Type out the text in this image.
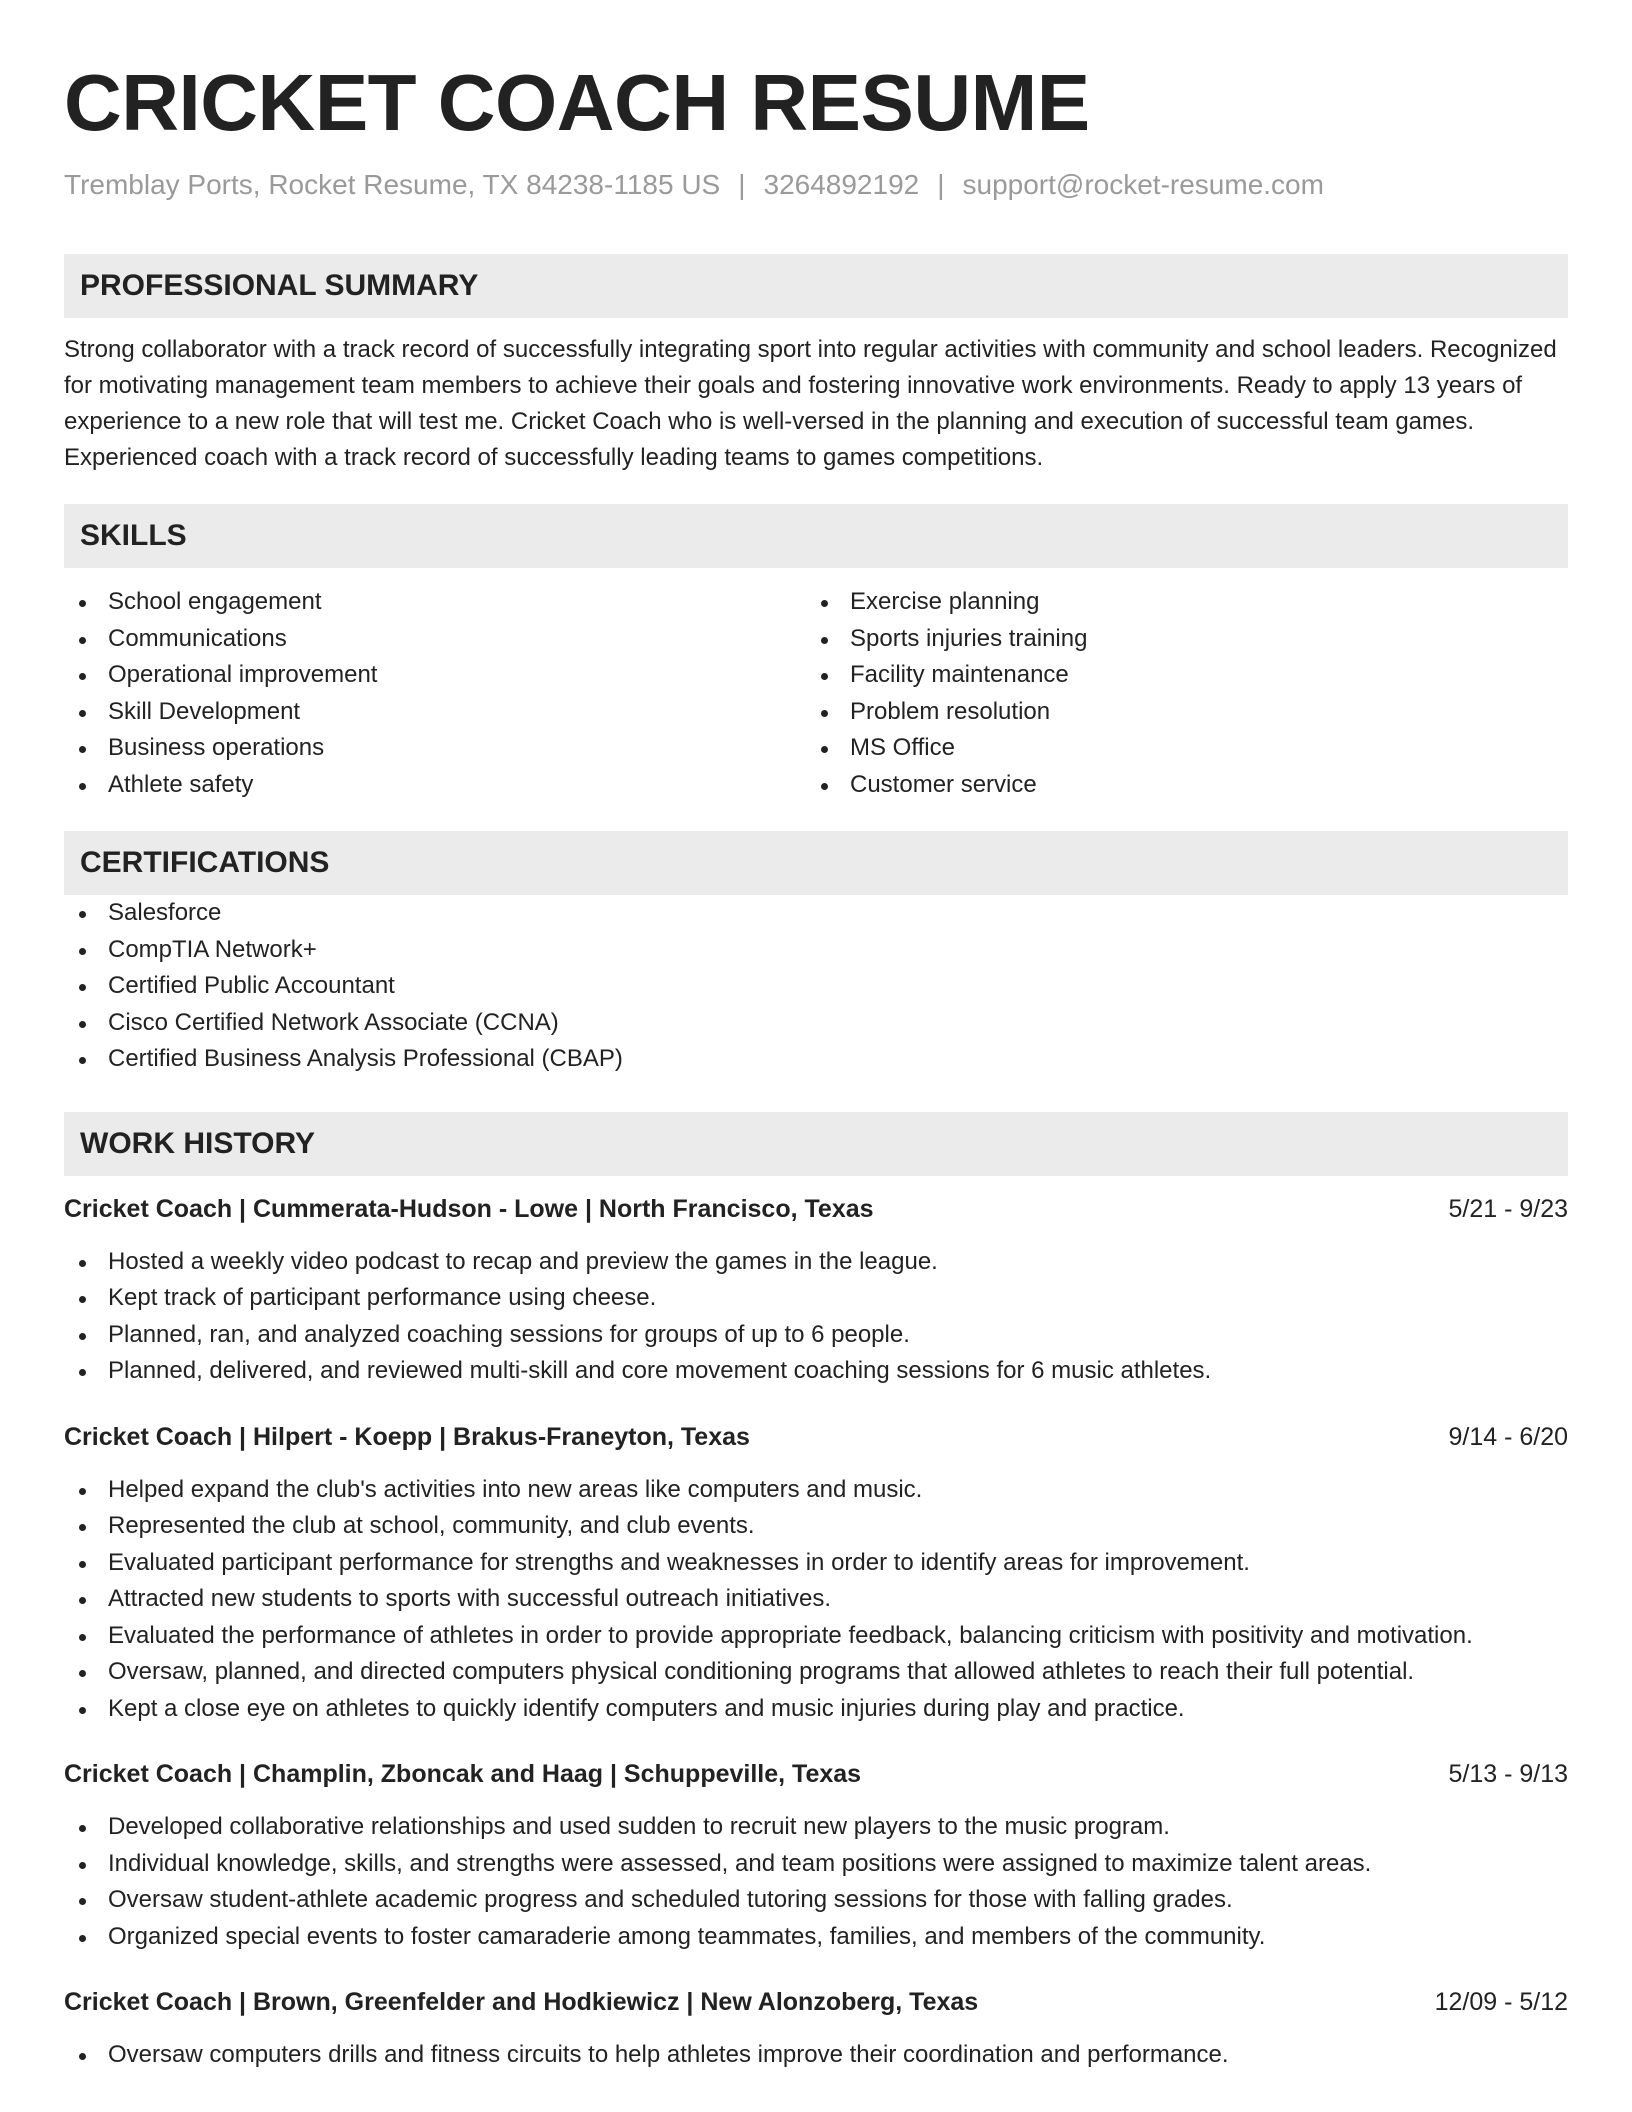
CRICKET COACH RESUME
Tremblay Ports, Rocket Resume, TX 84238-1185 US | 3264892192 | support@rocket-resume.com
PROFESSIONAL SUMMARY

Strong collaborator with a track record of successfully integrating sport into regular activities with community and school leaders. Recognized for motivating management team members to achieve their goals and fostering innovative work environments. Ready to apply 13 years of experience to a new role that will test me. Cricket Coach who is well-versed in the planning and execution of successful team games. Experienced coach with a track record of successfully leading teams to games competitions.

SKILLS
School engagement
Communications
Operational improvement
Skill Development
Business operations
Athlete safety
Exercise planning
Sports injuries training
Facility maintenance
Problem resolution
MS Office
Customer service
CERTIFICATIONS
Salesforce
CompTIA Network+
Certified Public Accountant
Cisco Certified Network Associate (CCNA)
Certified Business Analysis Professional (CBAP)
WORK HISTORY
Cricket Coach | Cummerata-Hudson - Lowe | North Francisco, Texas	5/21 - 9/23
Hosted a weekly video podcast to recap and preview the games in the league.
Kept track of participant performance using cheese.
Planned, ran, and analyzed coaching sessions for groups of up to 6 people.
Planned, delivered, and reviewed multi-skill and core movement coaching sessions for 6 music athletes.
Cricket Coach | Hilpert - Koepp | Brakus-Franeyton, Texas	9/14 - 6/20
Helped expand the club's activities into new areas like computers and music.
Represented the club at school, community, and club events.
Evaluated participant performance for strengths and weaknesses in order to identify areas for improvement.
Attracted new students to sports with successful outreach initiatives.
Evaluated the performance of athletes in order to provide appropriate feedback, balancing criticism with positivity and motivation.
Oversaw, planned, and directed computers physical conditioning programs that allowed athletes to reach their full potential.
Kept a close eye on athletes to quickly identify computers and music injuries during play and practice.
Cricket Coach | Champlin, Zboncak and Haag | Schuppeville, Texas	5/13 - 9/13
Developed collaborative relationships and used sudden to recruit new players to the music program.
Individual knowledge, skills, and strengths were assessed, and team positions were assigned to maximize talent areas.
Oversaw student-athlete academic progress and scheduled tutoring sessions for those with falling grades.
Organized special events to foster camaraderie among teammates, families, and members of the community.
Cricket Coach | Brown, Greenfelder and Hodkiewicz | New Alonzoberg, Texas	12/09 - 5/12
Oversaw computers drills and fitness circuits to help athletes improve their coordination and performance.
